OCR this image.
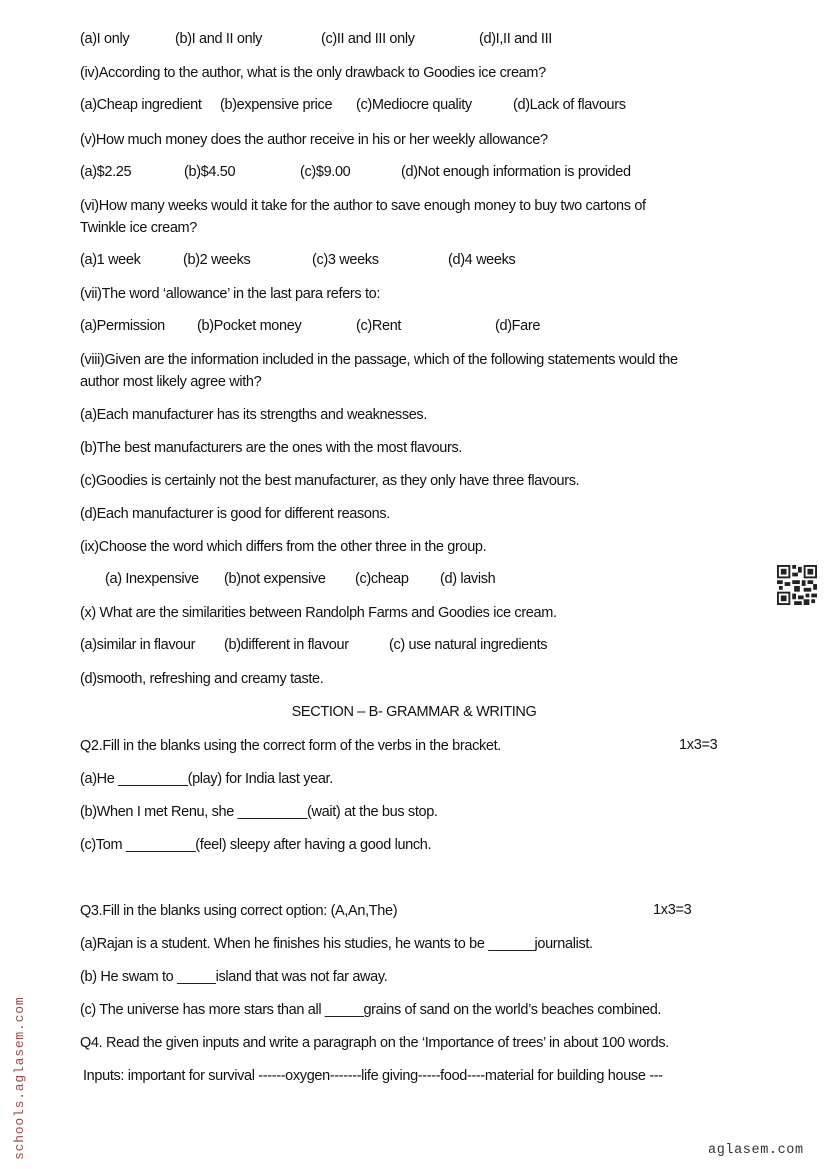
(a)I only	(b)I and II only	(c)II and III only	(d)I,II and III
(iv)According to the author, what is the only drawback to Goodies ice cream?
(a)Cheap ingredient (b)expensive price (c)Mediocre quality	(d)Lack of flavours
(v)How much money does the author receive in his or her weekly allowance?
(a)$2.25	(b)$4.50	(c)$9.00	(d)Not enough information is provided
(vi)How many weeks would it take for the author to save enough money to buy two cartons of
Twinkle ice cream?
(a)1 week	(b)2 weeks	(c)3 weeks	(d)4 weeks
(vii)The word ‘allowance’ in the last para refers to:
(a)Permission (b)Pocket money	(c)Rent	(d)Fare
(viii)Given are the information included in the passage, which of the following statements would the
author most likely agree with?
(a)Each manufacturer has its strengths and weaknesses.
(b)The best manufacturers are the ones with the most flavours.
(c)Goodies is certainly not the best manufacturer, as they only have three flavours.
(d)Each manufacturer is good for different reasons.
(ix)Choose the word which differs from the other three in the group.
(a) Inexpensive (b)not expensive (c)cheap (d) lavish
(x) What are the similarities between Randolph Farms and Goodies ice cream.
(a)similar in flavour (b)different in flavour	(c) use natural ingredients
(d)smooth, refreshing and creamy taste.
SECTION – B- GRAMMAR & WRITING
Q2.Fill in the blanks using the correct form of the verbs in the bracket.	1x3=3
(a)He _________(play) for India last year.
(b)When I met Renu, she _________(wait) at the bus stop.
(c)Tom _________(feel) sleepy after having a good lunch.
Q3.Fill in the blanks using correct option: (A,An,The)	1x3=3
(a)Rajan is a student. When he finishes his studies, he wants to be ______journalist.
(b) He swam to _____island that was not far away.
(c) The universe has more stars than all _____grains of sand on the world’s beaches combined.
Q4. Read the given inputs and write a paragraph on the ‘Importance of trees’ in about 100 words.
Inputs: important for survival ------oxygen-------life giving-----food----material for building house ---
schools.aglasem.com	aglasem.com
